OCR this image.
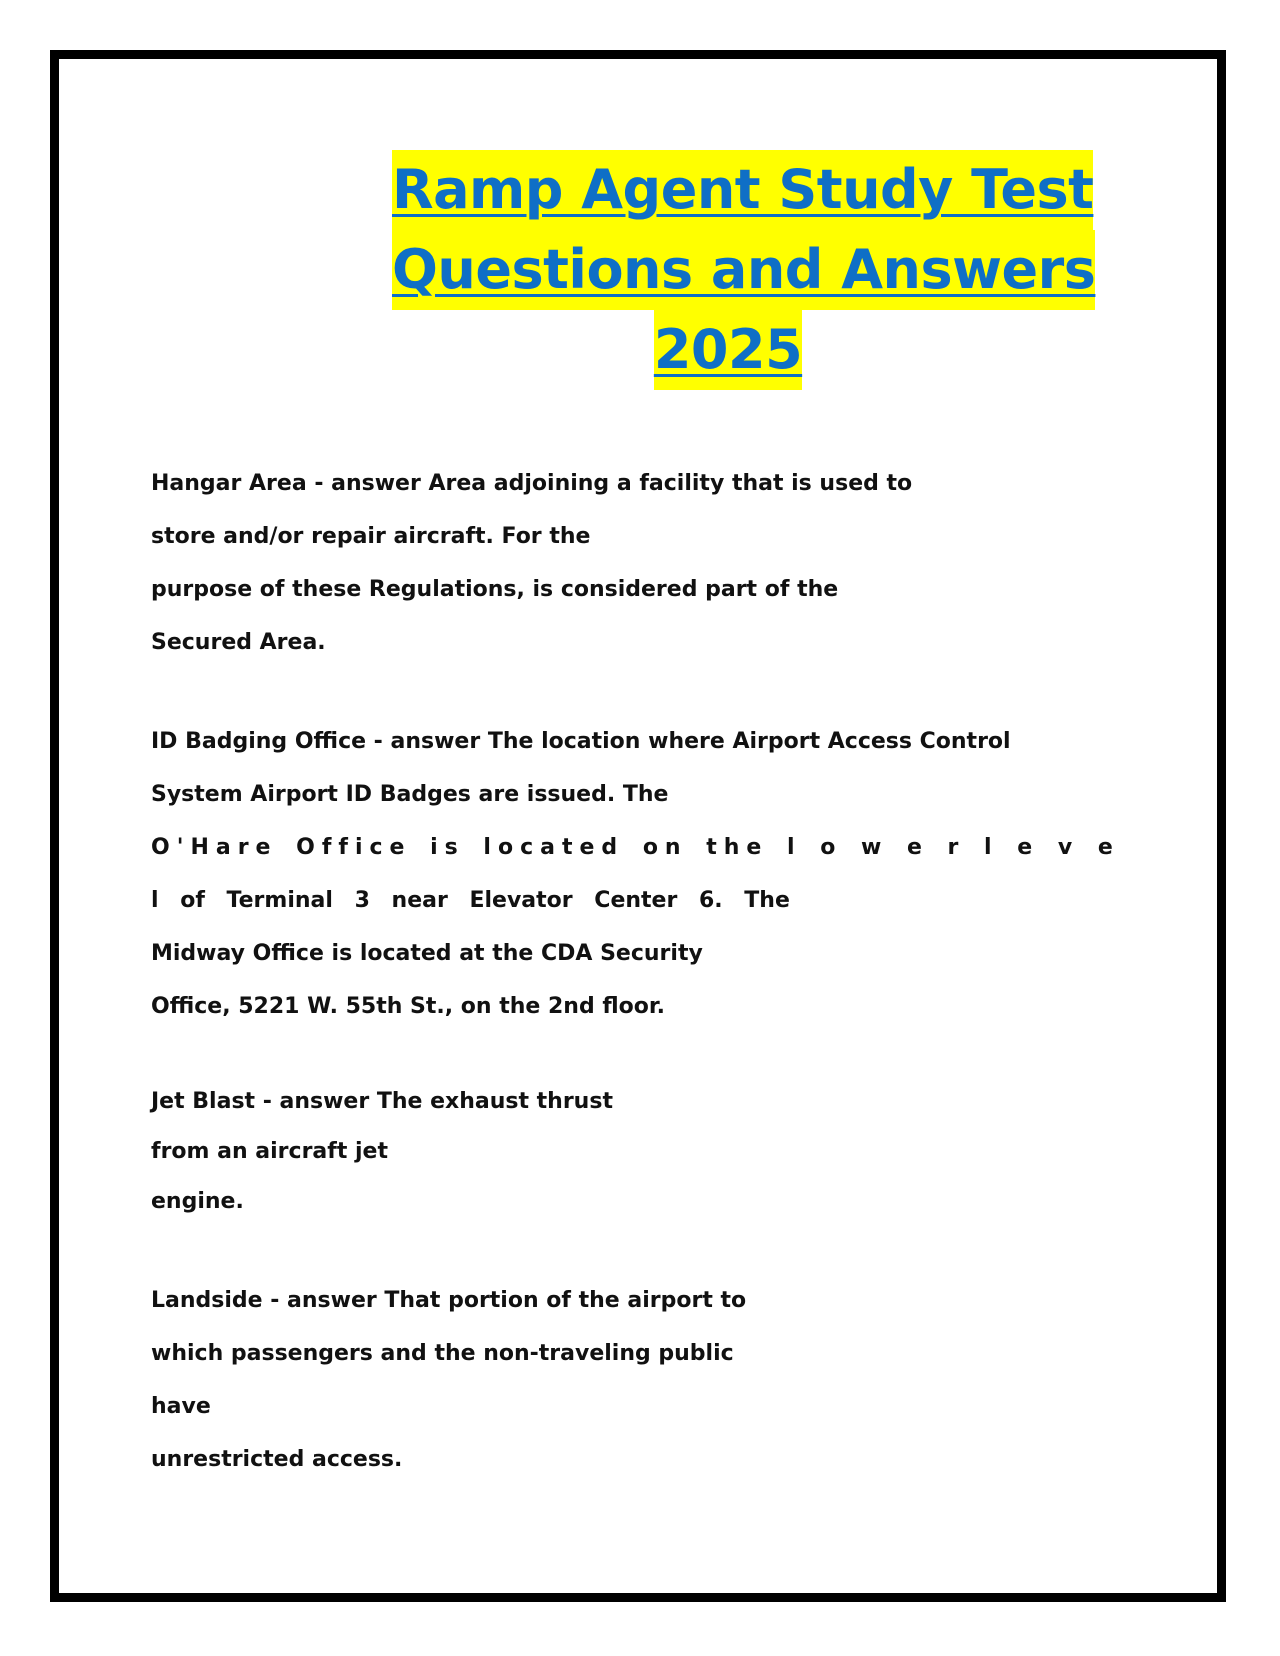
Ramp Agent Study Test
Questions and Answers
2025
Hangar Area - answer Area adjoining a facility that is used to
store and/or repair aircraft. For the
purpose of these Regulations, is considered part of the
Secured Area.
ID Badging Office - answer The location where Airport Access Control
System Airport ID Badges are issued. The
O'Hare Office is located on the l o w e r l e v e
l of Terminal 3 near Elevator Center 6. The
Midway Office is located at the CDA Security
Office, 5221 W. 55th St., on the 2nd floor.
Jet Blast - answer The exhaust thrust
from an aircraft jet
engine.
Landside - answer That portion of the airport to
which passengers and the non-traveling public
have
unrestricted access.
